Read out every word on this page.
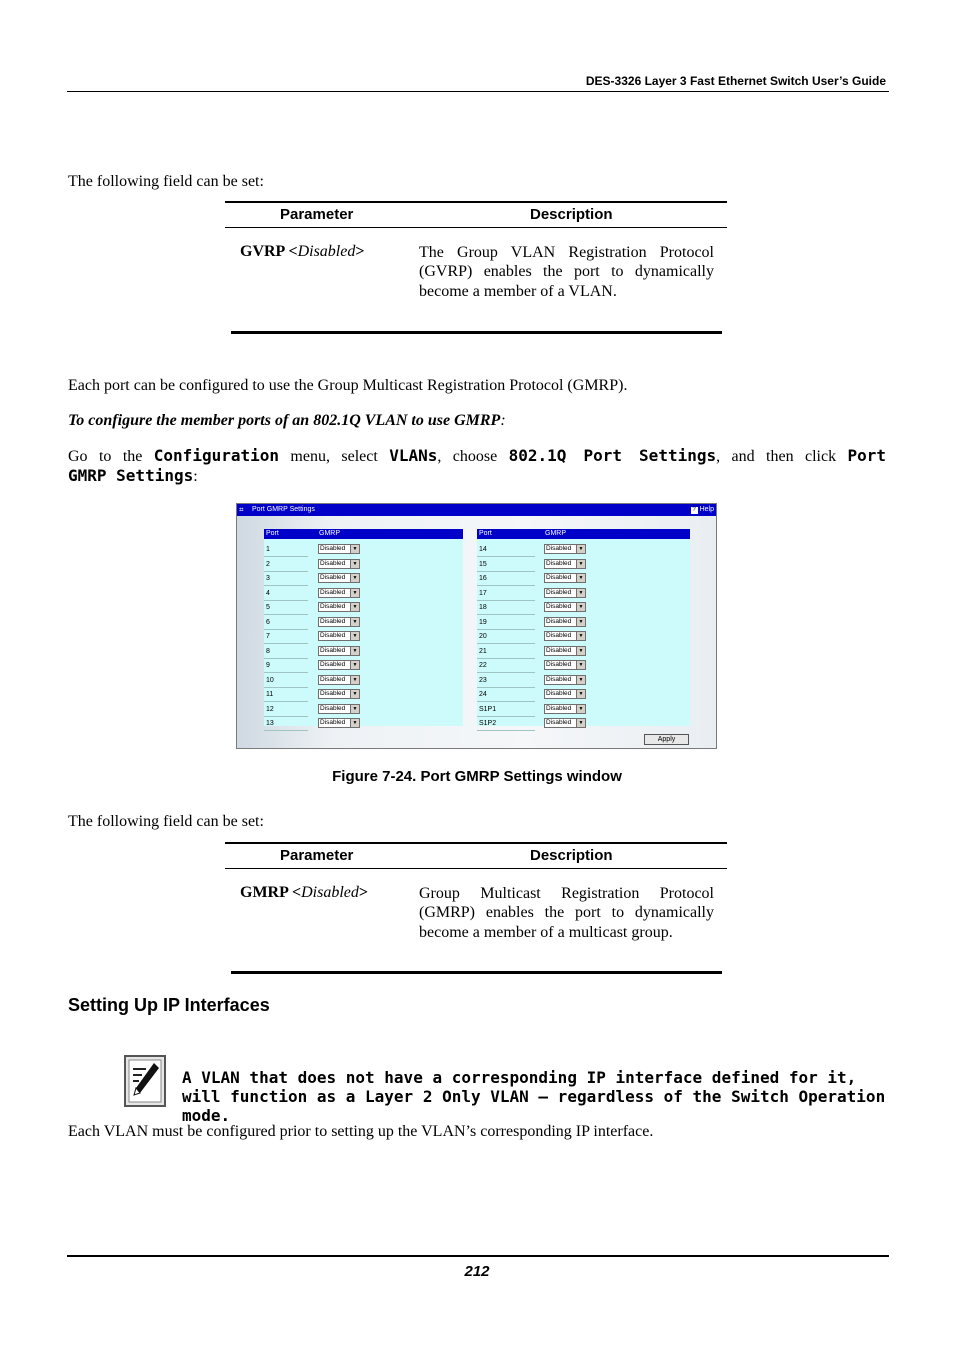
DES-3326 Layer 3 Fast Ethernet Switch User’s Guide
The following field can be set:
Parameter	Description
GVRP <Disabled>	The Group VLAN Registration Protocol (GVRP) enables the port to dynamically become a member of a VLAN.
Each port can be configured to use the Group Multicast Registration Protocol (GMRP).
To configure the member ports of an 802.1Q VLAN to use GMRP:
Go to the Configuration menu, select VLANs, choose 802.1Q Port Settings, and then click Port
GMRP Settings:
⌗	Port GMRP Settings	? Help
Port	GMRP
1	Disabled	▼
2	Disabled	▼
3	Disabled	▼
4	Disabled	▼
5	Disabled	▼
6	Disabled	▼
7	Disabled	▼
8	Disabled	▼
9	Disabled	▼
10	Disabled	▼
11	Disabled	▼
12	Disabled	▼
13	Disabled	▼
Port	GMRP
14	Disabled	▼
15	Disabled	▼
16	Disabled	▼
17	Disabled	▼
18	Disabled	▼
19	Disabled	▼
20	Disabled	▼
21	Disabled	▼
22	Disabled	▼
23	Disabled	▼
24	Disabled	▼
S1P1	Disabled	▼
S1P2	Disabled	▼
Apply
Figure 7-24. Port GMRP Settings window
The following field can be set:
Parameter	Description
GMRP <Disabled>	Group Multicast Registration Protocol (GMRP) enables the port to dynamically become a member of a multicast group.
Setting Up IP Interfaces
A VLAN that does not have a corresponding IP interface defined for it, will function as a Layer 2 Only VLAN – regardless of the Switch Operation mode.
Each VLAN must be configured prior to setting up the VLAN’s corresponding IP interface.
212
